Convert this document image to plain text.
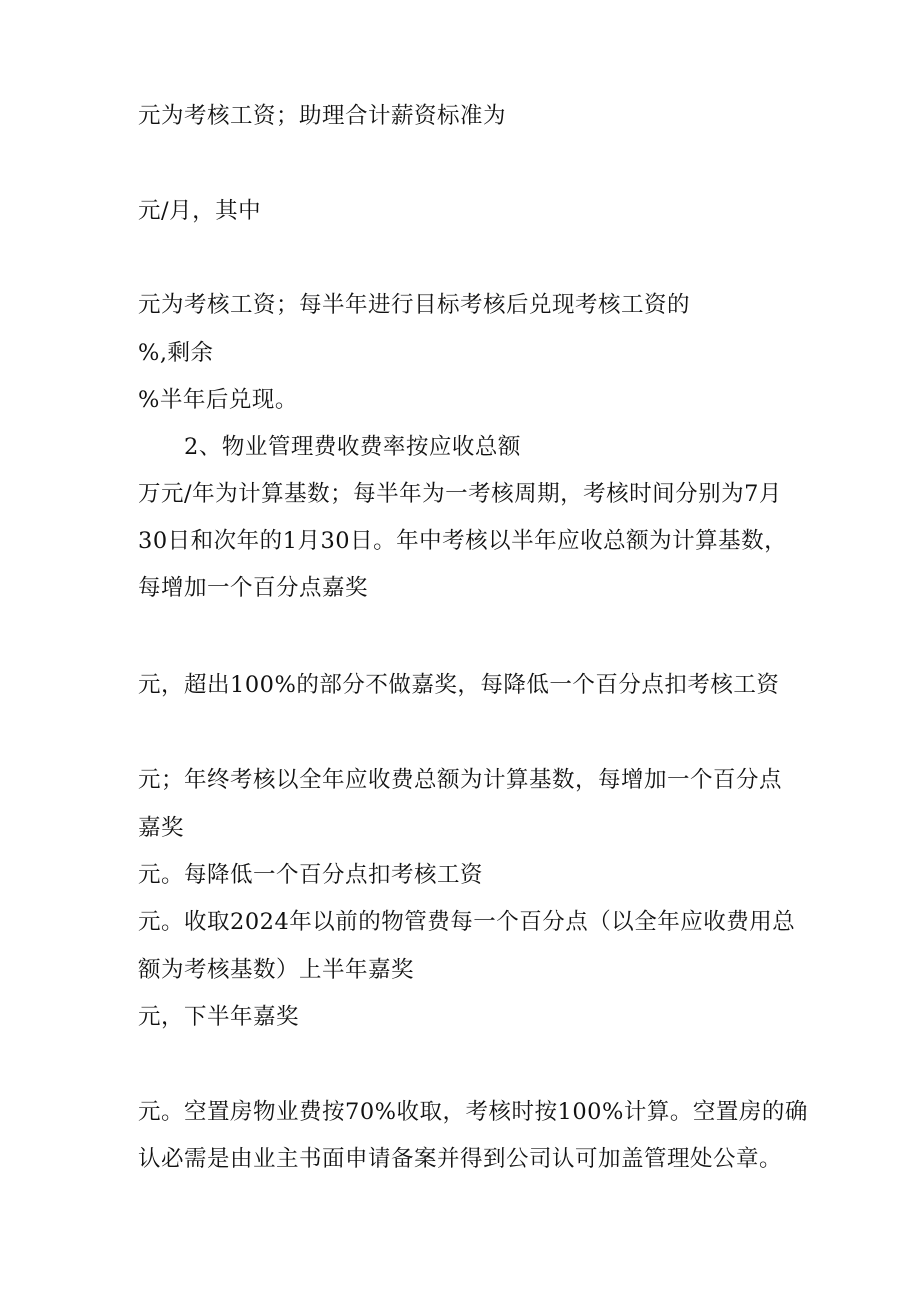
元为考核工资；助理合计薪资标准为
元/月，其中
元为考核工资；每半年进行目标考核后兑现考核工资的
%,剩余
%半年后兑现。
2、物业管理费收费率按应收总额
万元/年为计算基数；每半年为一考核周期，考核时间分别为7月
30日和次年的1月30日。年中考核以半年应收总额为计算基数，
每增加一个百分点嘉奖
元，超出100%的部分不做嘉奖，每降低一个百分点扣考核工资
元；年终考核以全年应收费总额为计算基数，每增加一个百分点
嘉奖
元。每降低一个百分点扣考核工资
元。收取2024年以前的物管费每一个百分点（以全年应收费用总
额为考核基数）上半年嘉奖
元，下半年嘉奖
元。空置房物业费按70%收取，考核时按100%计算。空置房的确
认必需是由业主书面申请备案并得到公司认可加盖管理处公章。
